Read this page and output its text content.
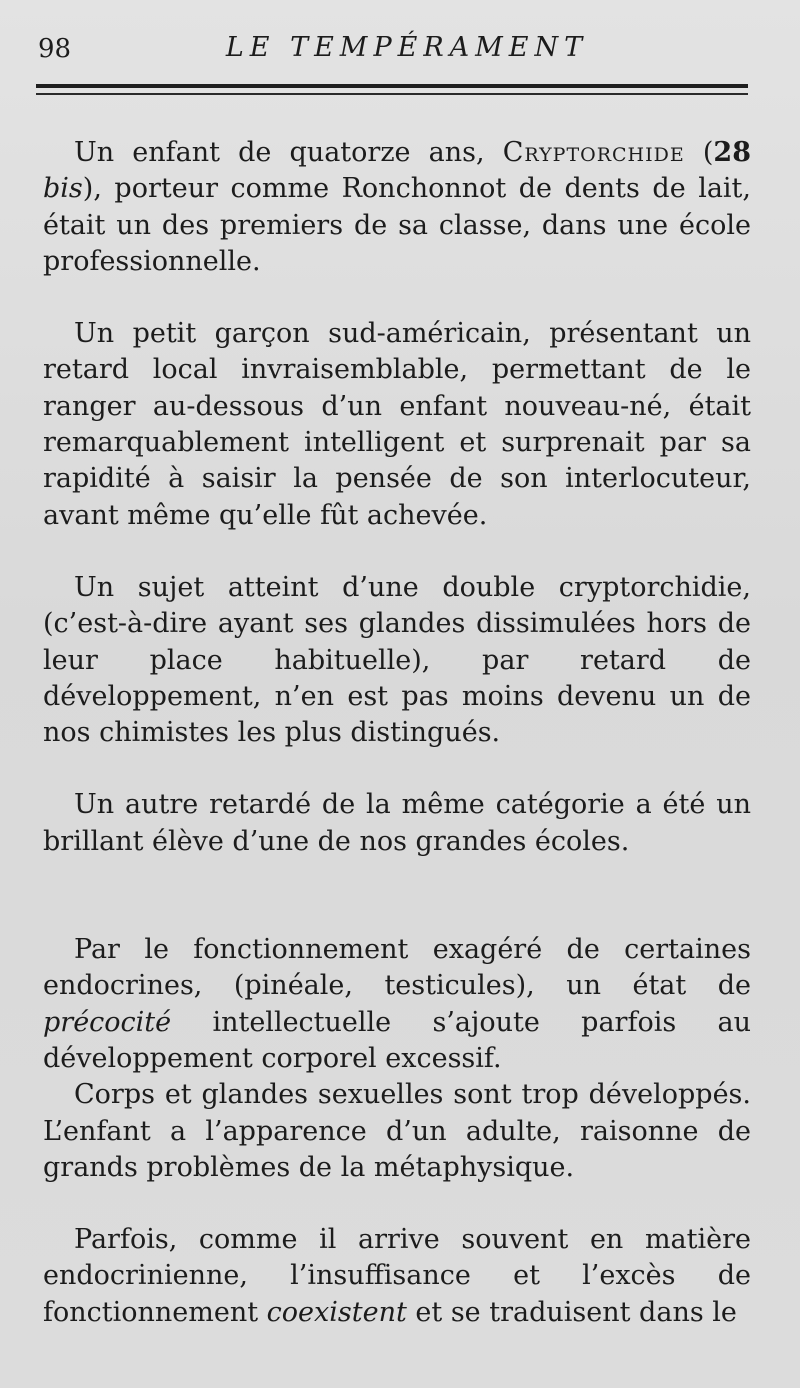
98	LE TEMPÉRAMENT

Un enfant de quatorze ans, Cryptorchide (28 bis), porteur comme Ronchonnot de dents de lait, était un des premiers de sa classe, dans une école professionnelle.

Un petit garçon sud-américain, présentant un retard local invraisemblable, permettant de le ranger au-dessous d’un enfant nouveau-né, était remarquablement intelligent et surprenait par sa rapidité à saisir la pensée de son interlocuteur, avant même qu’elle fût achevée.

Un sujet atteint d’une double cryptorchidie, (c’est-à-dire ayant ses glandes dissimulées hors de leur place habituelle), par retard de développement, n’en est pas moins devenu un de nos chimistes les plus distingués.

Un autre retardé de la même catégorie a été un brillant élève d’une de nos grandes écoles.

Par le fonctionnement exagéré de certaines endocrines, (pinéale, testicules), un état de précocité intellectuelle s’ajoute parfois au développement corporel excessif.

Corps et glandes sexuelles sont trop développés. L’enfant a l’apparence d’un adulte, raisonne de grands problèmes de la métaphysique.

Parfois, comme il arrive souvent en matière endocrinienne, l’insuffisance et l’excès de fonctionnement coexistent et se traduisent dans le
